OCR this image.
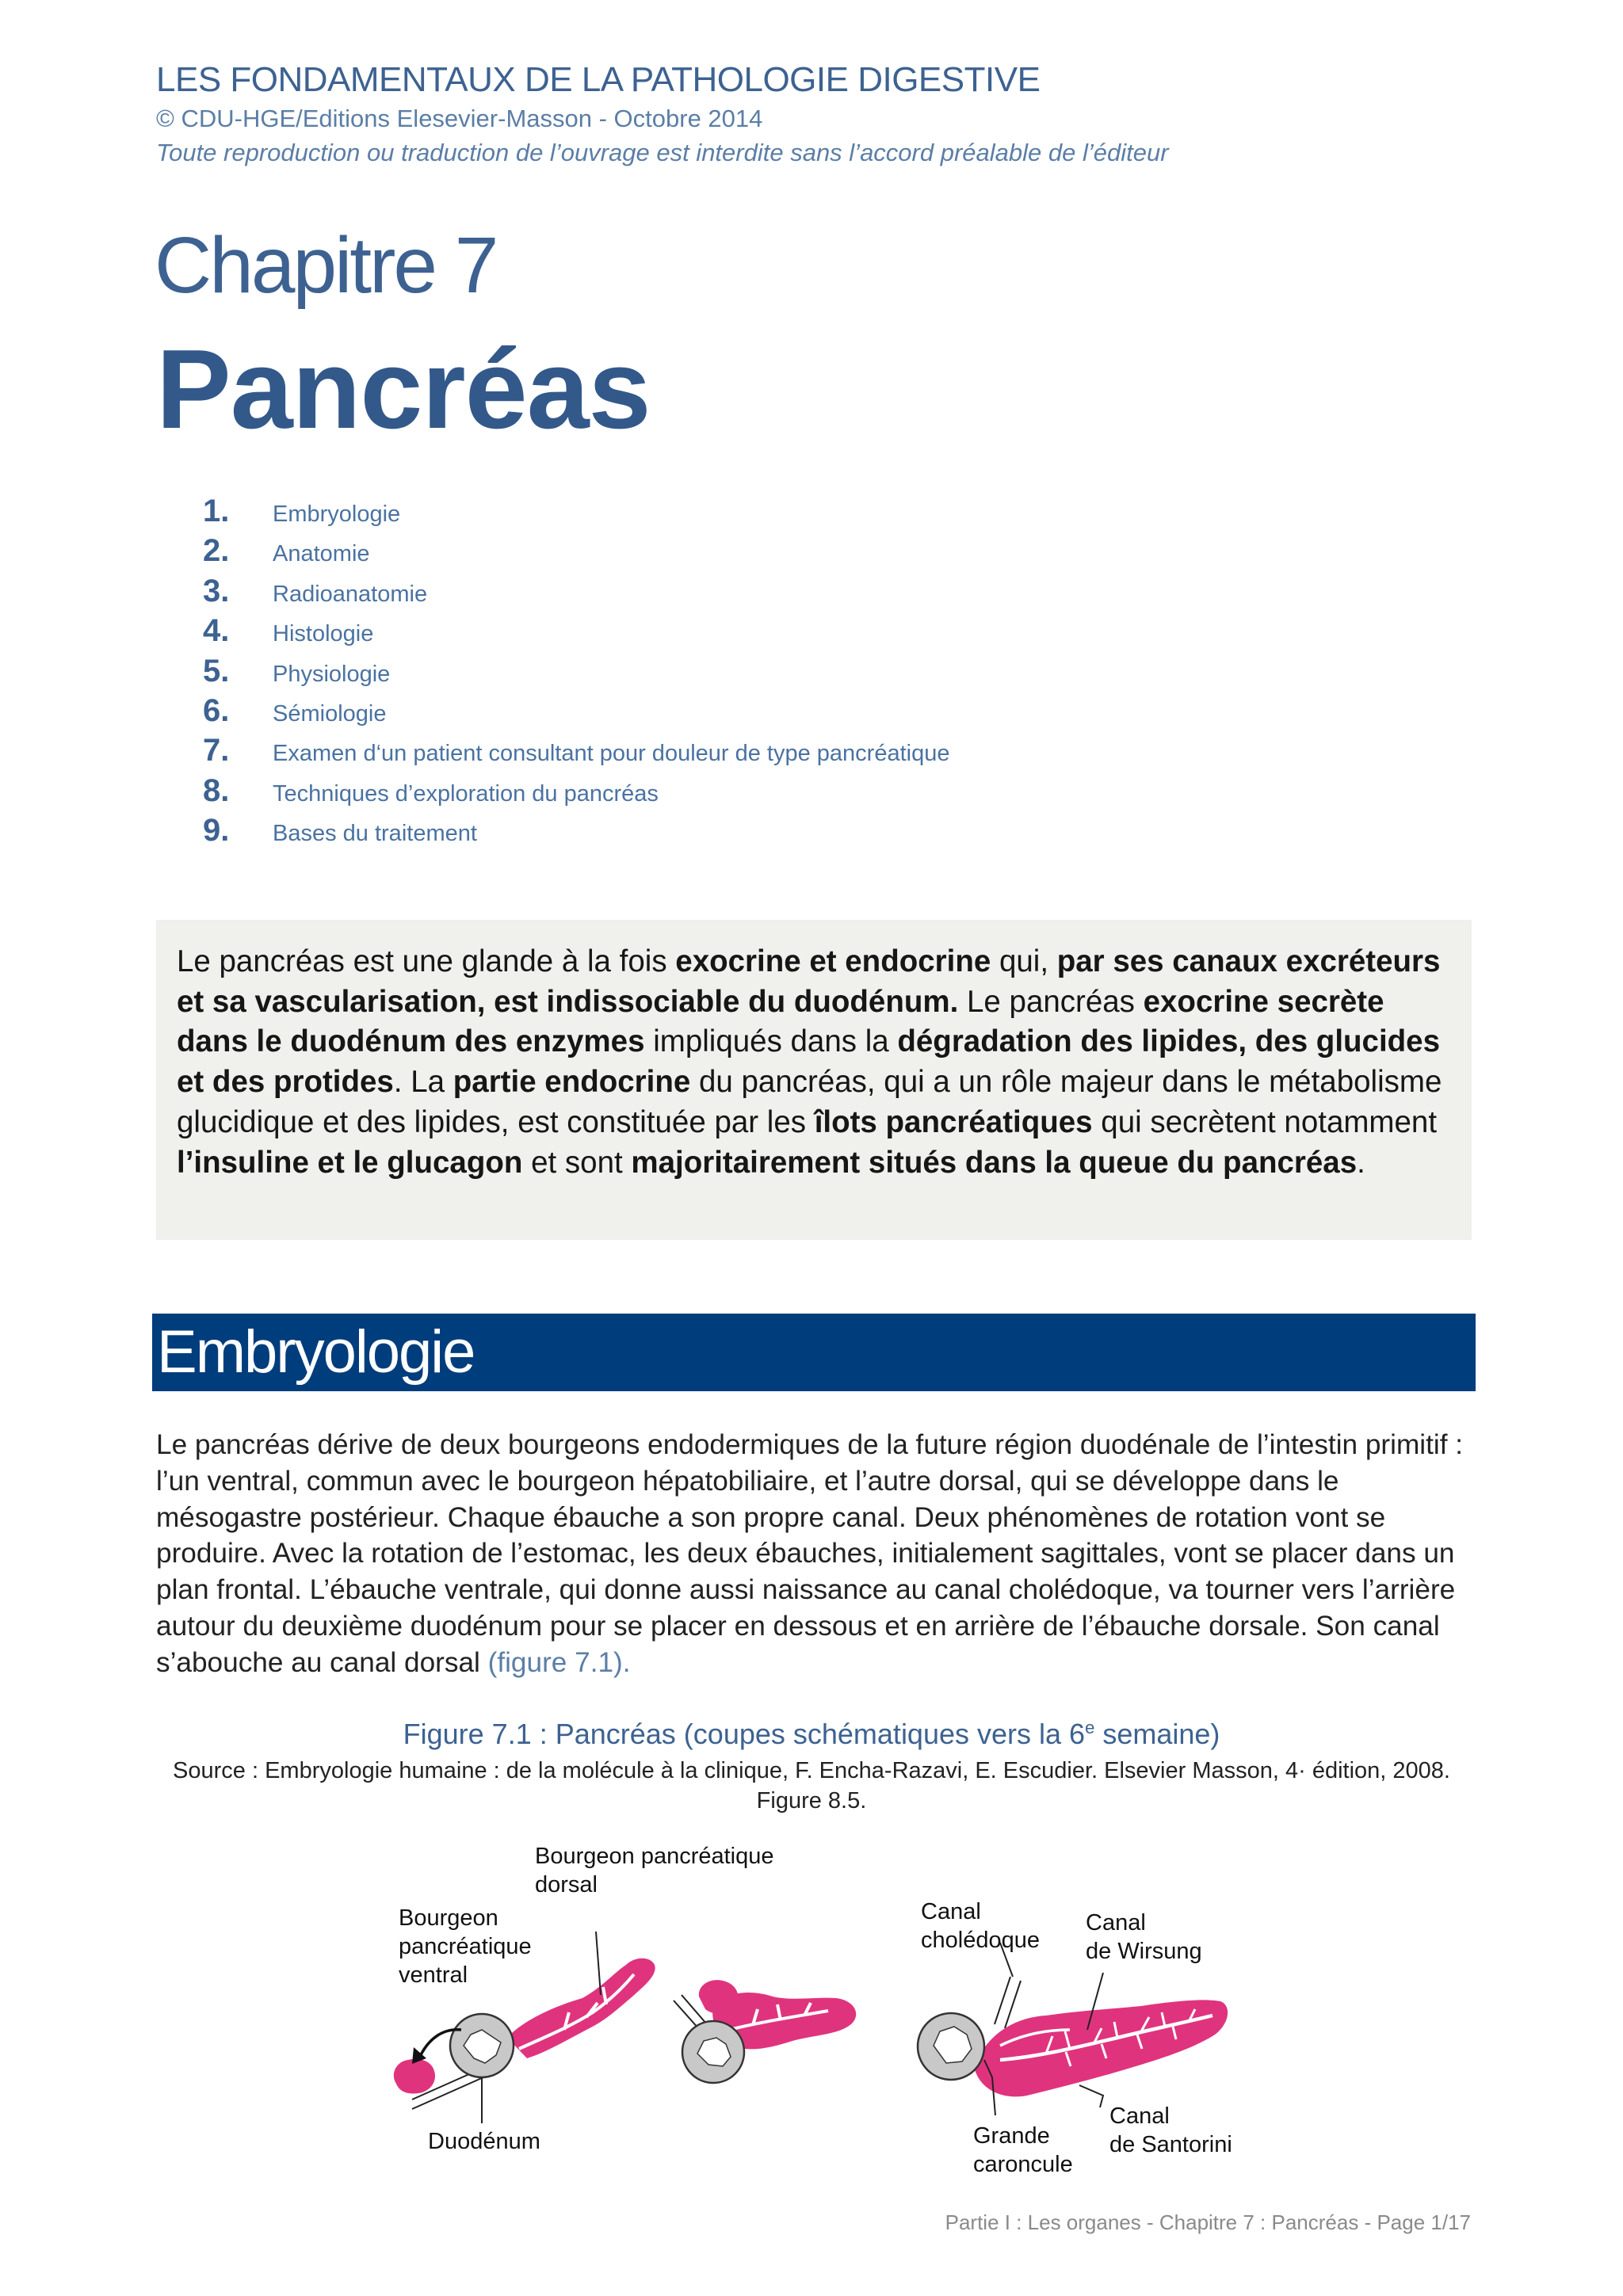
LES FONDAMENTAUX DE LA PATHOLOGIE DIGESTIVE
© CDU-HGE/Editions Elesevier-Masson - Octobre 2014
Toute reproduction ou traduction de l’ouvrage est interdite sans l’accord préalable de l’éditeur
Chapitre 7
Pancréas
1. Embryologie
2. Anatomie
3. Radioanatomie
4. Histologie
5. Physiologie
6. Sémiologie
7. Examen d‘un patient consultant pour douleur de type pancréatique
8. Techniques d’exploration du pancréas
9. Bases du traitement

Le pancréas est une glande à la fois exocrine et endocrine qui, par ses canaux excréteurs et sa vascularisation, est indissociable du duodénum. Le pancréas exocrine secrète dans le duodénum des enzymes impliqués dans la dégradation des lipides, des glucides et des protides. La partie endocrine du pancréas, qui a un rôle majeur dans le métabolisme glucidique et des lipides, est constituée par les îlots pancréatiques qui secrètent notamment l’insuline et le glucagon et sont majoritairement situés dans la queue du pancréas.

Embryologie

Le pancréas dérive de deux bourgeons endodermiques de la future région duodénale de l’intestin primitif : l’un ventral, commun avec le bourgeon hépatobiliaire, et l’autre dorsal, qui se développe dans le mésogastre postérieur. Chaque ébauche a son propre canal. Deux phénomènes de rotation vont se produire. Avec la rotation de l’estomac, les deux ébauches, initialement sagittales, vont se placer dans un plan frontal. L’ébauche ventrale, qui donne aussi naissance au canal cholédoque, va tourner vers l’arrière autour du deuxième duodénum pour se placer en dessous et en arrière de l’ébauche dorsale. Son canal s’abouche au canal dorsal (figure 7.1).

Figure 7.1 : Pancréas (coupes schématiques vers la 6e semaine)
Source : Embryologie humaine : de la molécule à la clinique, F. Encha-Razavi, E. Escudier. Elsevier Masson, 4· édition, 2008. Figure 8.5.
Bourgeon pancréatique
dorsal
Bourgeon
pancréatique
ventral
Duodénum
Canal
cholédoque
Canal
de Wirsung
Canal
de Santorini
Grande
caroncule
Partie I : Les organes - Chapitre 7 : Pancréas - Page 1/17
